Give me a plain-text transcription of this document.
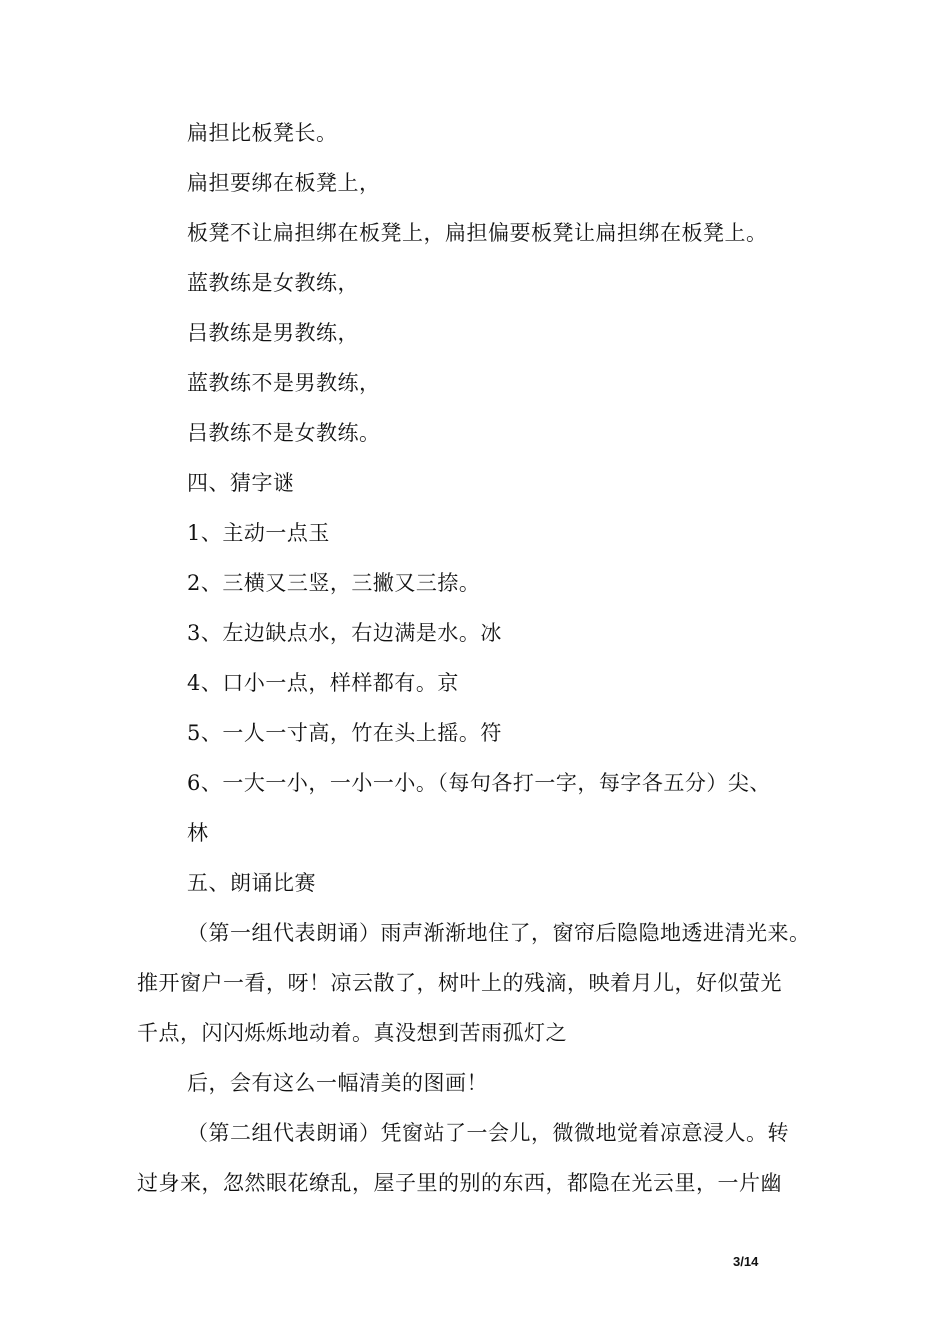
扁担比板凳长。
扁担要绑在板凳上，
板凳不让扁担绑在板凳上，扁担偏要板凳让扁担绑在板凳上。
蓝教练是女教练，
吕教练是男教练，
蓝教练不是男教练，
吕教练不是女教练。
四、猜字谜
1、主动一点玉
2、三横又三竖，三撇又三捺。
3、左边缺点水，右边满是水。冰
4、口小一点，样样都有。京
5、一人一寸高，竹在头上摇。符
6、一大一小，一小一小。（每句各打一字，每字各五分）尖、
林
五、朗诵比赛
（第一组代表朗诵）雨声渐渐地住了，窗帘后隐隐地透进清光来。
推开窗户一看，呀！凉云散了，树叶上的残滴，映着月儿，好似萤光
千点，闪闪烁烁地动着。真没想到苦雨孤灯之
后，会有这么一幅清美的图画！
（第二组代表朗诵）凭窗站了一会儿，微微地觉着凉意浸人。转
过身来，忽然眼花缭乱，屋子里的别的东西，都隐在光云里，一片幽
3/14
